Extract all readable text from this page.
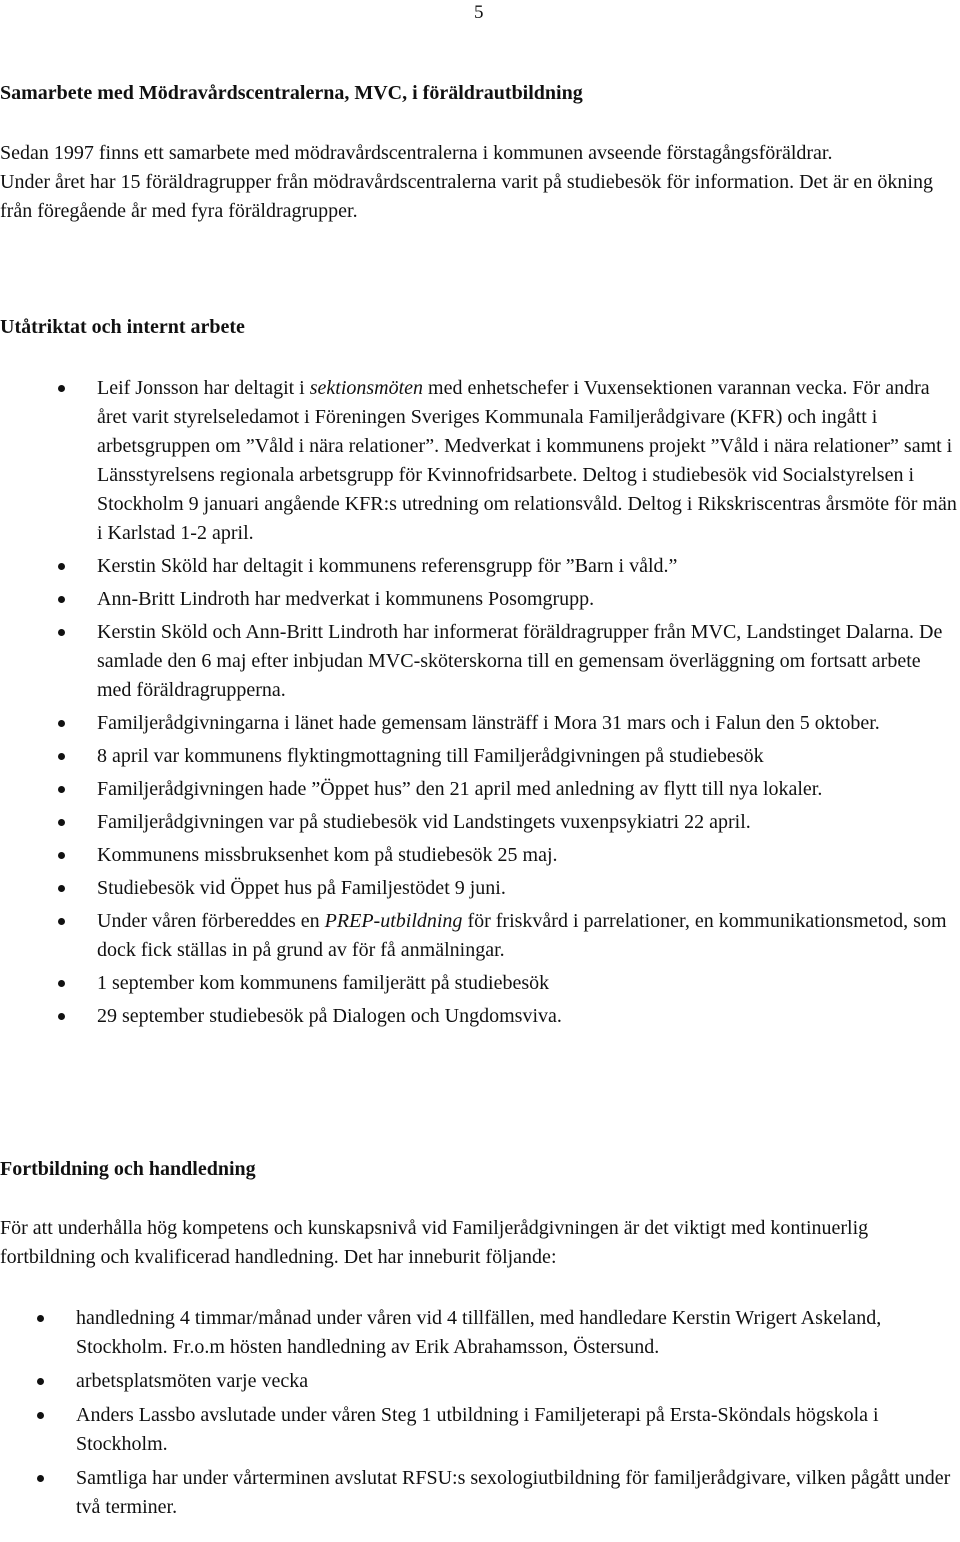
5
Samarbete med Mödravårdscentralerna, MVC, i föräldrautbildning

Sedan 1997 finns ett samarbete med mödravårdscentralerna i kommunen avseende förstagångsföräldrar.

Under året har 15 föräldragrupper från mödravårdscentralerna varit på studiebesök för information. Det är en ökning från föregående år med fyra föräldragrupper.

Utåtriktat och internt arbete
Leif Jonsson har deltagit i sektionsmöten med enhetschefer i Vuxensektionen varannan vecka. För andra året varit styrelseledamot i Föreningen Sveriges Kommunala Familjerådgivare (KFR) och ingått i arbetsgruppen om ”Våld i nära relationer”. Medverkat i kommunens projekt ”Våld i nära relationer” samt i Länsstyrelsens regionala arbetsgrupp för Kvinnofridsarbete. Deltog i studiebesök vid Socialstyrelsen i Stockholm 9 januari angående KFR:s utredning om relationsvåld. Deltog i Rikskriscentras årsmöte för män i Karlstad 1-2 april.
Kerstin Sköld har deltagit i kommunens referensgrupp för ”Barn i våld.”
Ann-Britt Lindroth har medverkat i kommunens Posomgrupp.
Kerstin Sköld och Ann-Britt Lindroth har informerat föräldragrupper från MVC, Landstinget Dalarna. De samlade den 6 maj efter inbjudan MVC-sköterskorna till en gemensam överläggning om fortsatt arbete med föräldragrupperna.
Familjerådgivningarna i länet hade gemensam länsträff i Mora 31 mars och i Falun den 5 oktober.
8 april var kommunens flyktingmottagning till Familjerådgivningen på studiebesök
Familjerådgivningen hade ”Öppet hus” den 21 april med anledning av flytt till nya lokaler.
Familjerådgivningen var på studiebesök vid Landstingets vuxenpsykiatri 22 april.
Kommunens missbruksenhet kom på studiebesök 25 maj.
Studiebesök vid Öppet hus på Familjestödet 9 juni.
Under våren förbereddes en PREP-utbildning för friskvård i parrelationer, en kommunikationsmetod, som dock fick ställas in på grund av för få anmälningar.
1 september kom kommunens familjerätt på studiebesök
29 september studiebesök på Dialogen och Ungdomsviva.
Fortbildning och handledning

För att underhålla hög kompetens och kunskapsnivå vid Familjerådgivningen är det viktigt med kontinuerlig fortbildning och kvalificerad handledning. Det har inneburit följande:

handledning 4 timmar/månad under våren vid 4 tillfällen, med handledare Kerstin Wrigert Askeland, Stockholm. Fr.o.m hösten handledning av Erik Abrahamsson, Östersund.
arbetsplatsmöten varje vecka
Anders Lassbo avslutade under våren Steg 1 utbildning i Familjeterapi på Ersta-Sköndals högskola i Stockholm.
Samtliga har under vårterminen avslutat RFSU:s sexologiutbildning för familjerådgivare, vilken pågått under två terminer.
